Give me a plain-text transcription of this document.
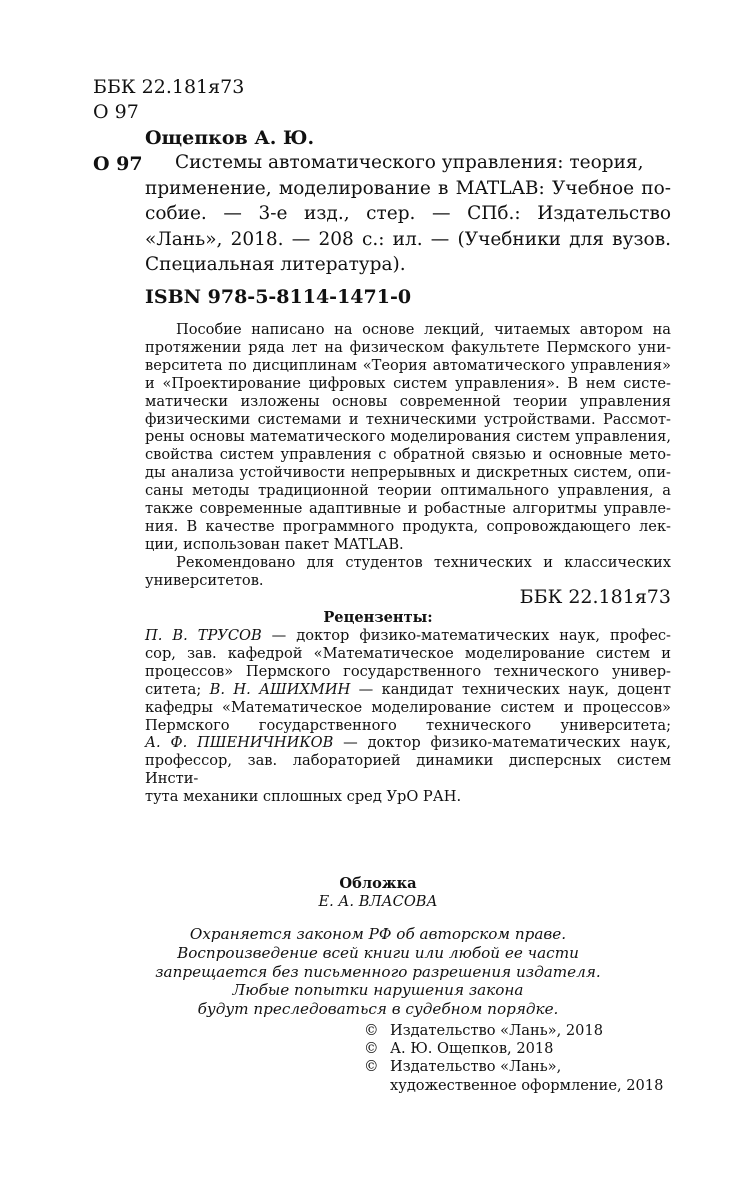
ББК 22.181я73
О 97
Ощепков А. Ю.
О 97	Системы автоматического управления: теория,
применение, моделирование в MATLAB: Учебное по-
собие. — 3-е изд., стер. — СПб.: Издательство
«Лань», 2018. — 208 с.: ил. — (Учебники для вузов.
Специальная литература).
ISBN 978-5-8114-1471-0
Пособие написано на основе лекций, читаемых автором на
протяжении ряда лет на физическом факультете Пермского уни-
верситета по дисциплинам «Теория автоматического управления»
и «Проектирование цифровых систем управления». В нем систе-
матически изложены основы современной теории управления
физическими системами и техническими устройствами. Рассмот-
рены основы математического моделирования систем управления,
свойства систем управления с обратной связью и основные мето-
ды анализа устойчивости непрерывных и дискретных систем, опи-
саны методы традиционной теории оптимального управления, а
также современные адаптивные и робастные алгоритмы управле-
ния. В качестве программного продукта, сопровождающего лек-
ции, использован пакет MATLAB.
Рекомендовано для студентов технических и классических
университетов.
ББК 22.181я73
Рецензенты:
П. В. ТРУСОВ — доктор физико-математических наук, профес-
сор, зав. кафедрой «Математическое моделирование систем и
процессов» Пермского государственного технического универ-
ситета; В. Н. АШИХМИН — кандидат технических наук, доцент
кафедры «Математическое моделирование систем и процессов»
Пермского государственного технического университета;
А. Ф. ПШЕНИЧНИКОВ — доктор физико-математических наук,
профессор, зав. лабораторией динамики дисперсных систем Инсти-
тута механики сплошных сред УрО РАН.
Обложка
Е. А. ВЛАСОВА
Охраняется законом РФ об авторском праве.
Воспроизведение всей книги или любой ее части
запрещается без письменного разрешения издателя.
Любые попытки нарушения закона
будут преследоваться в судебном порядке.
© Издательство «Лань», 2018
© А. Ю. Ощепков, 2018
© Издательство «Лань»,
художественное оформление, 2018
